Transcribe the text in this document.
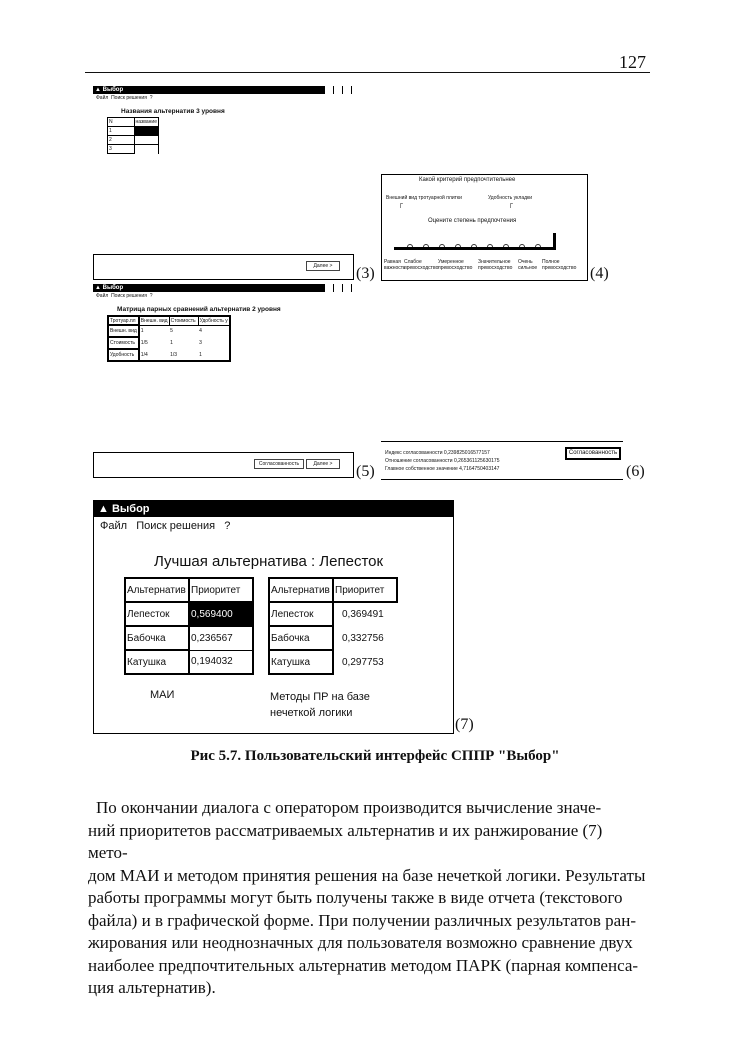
127
▲ Выбор
Файл Поиск решения ?
Названия альтернатив 3 уровня
N	название
1	
2	
3	
Далее >	(3)
Какой критерий предпочтительнее
Внешний вид тротуарной плитки	Удобность укладки
┌	┌
Оцените степень предпочтения
Равная важность
Слабое превосходство
Умеренное превосходство
Значительное превосходство
Очень сильное
Полное превосходство (4)
▲ Выбор
Файл Поиск решения ?
Матрица парных сравнений альтернатив 2 уровня
Тротуар.пл	Внешн. вид	Стоимость	Удобность у
Внешн. вид	1	5	4
Стоимость	1/5	1	3
Удобность	1/4	1/3	1
Согласованность	Далее >	(5)
Индекс согласованности 0,239825016577157
Отношение согласованности 0,265361125630175
Главное собственное значение 4,7164750403147
Согласованность
(6)
▲ Выбор
Файл Поиск решения ?
Лучшая альтернатива : Лепесток
Альтернатив	Приоритет
Лепесток	0,569400
Бабочка	0,236567
Катушка	0,194032
Альтернатив	Приоритет
Лепесток	0,369491
Бабочка	0,332756
Катушка	0,297753
МАИ	Методы ПР на базе
нечеткой логики
(7)
Рис 5.7. Пользовательский интерфейс СППР "Выбор"
По окончании диалога с оператором производится вычисление значе-
ний приоритетов рассматриваемых альтернатив и их ранжирование (7) мето-
дом МАИ и методом принятия решения на базе нечеткой логики. Результаты
работы программы могут быть получены также в виде отчета (текстового
файла) и в графической форме. При получении различных результатов ран-
жирования или неоднозначных для пользователя возможно сравнение двух
наиболее предпочтительных альтернатив методом ПАРК (парная компенса-
ция альтернатив).
